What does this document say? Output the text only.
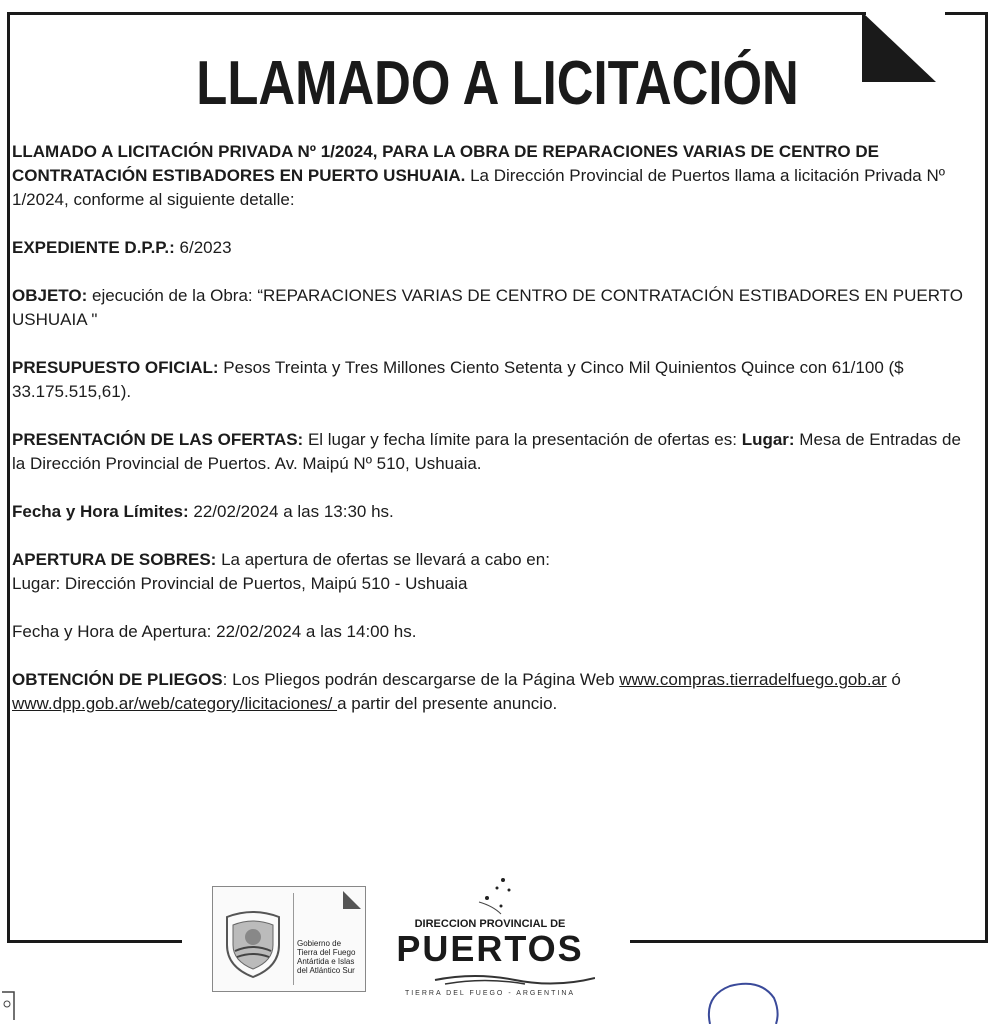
LLAMADO A LICITACIÓN

LLAMADO A LICITACIÓN PRIVADA Nº 1/2024, PARA LA OBRA DE REPARACIONES VARIAS DE CENTRO DE CONTRATACIÓN ESTIBADORES EN PUERTO USHUAIA. La Dirección Provincial de Puertos llama a licitación Privada Nº 1/2024, conforme al siguiente detalle:

EXPEDIENTE D.P.P.: 6/2023

OBJETO: ejecución de la Obra: “REPARACIONES VARIAS DE CENTRO DE CONTRATACIÓN ESTIBADORES EN PUERTO USHUAIA "

PRESUPUESTO OFICIAL: Pesos Treinta y Tres Millones Ciento Setenta y Cinco Mil Quinientos Quince con 61/100 ($ 33.175.515,61).

PRESENTACIÓN DE LAS OFERTAS: El lugar y fecha límite para la presentación de ofertas es: Lugar: Mesa de Entradas de la Dirección Provincial de Puertos. Av. Maipú Nº 510, Ushuaia.

Fecha y Hora Límites: 22/02/2024 a las 13:30 hs.

APERTURA DE SOBRES: La apertura de ofertas se llevará a cabo en:

Lugar: Dirección Provincial de Puertos, Maipú 510 - Ushuaia

Fecha y Hora de Apertura: 22/02/2024 a las 14:00 hs.

OBTENCIÓN DE PLIEGOS: Los Pliegos podrán descargarse de la Página Web www.compras.tierradelfuego.gob.ar ó www.dpp.gob.ar/web/category/licitaciones/ a partir del presente anuncio.

Gobierno de Tierra del Fuego Antártida e Islas del Atlántico Sur
DIRECCION PROVINCIAL DE
PUERTOS
TIERRA DEL FUEGO - ARGENTINA
